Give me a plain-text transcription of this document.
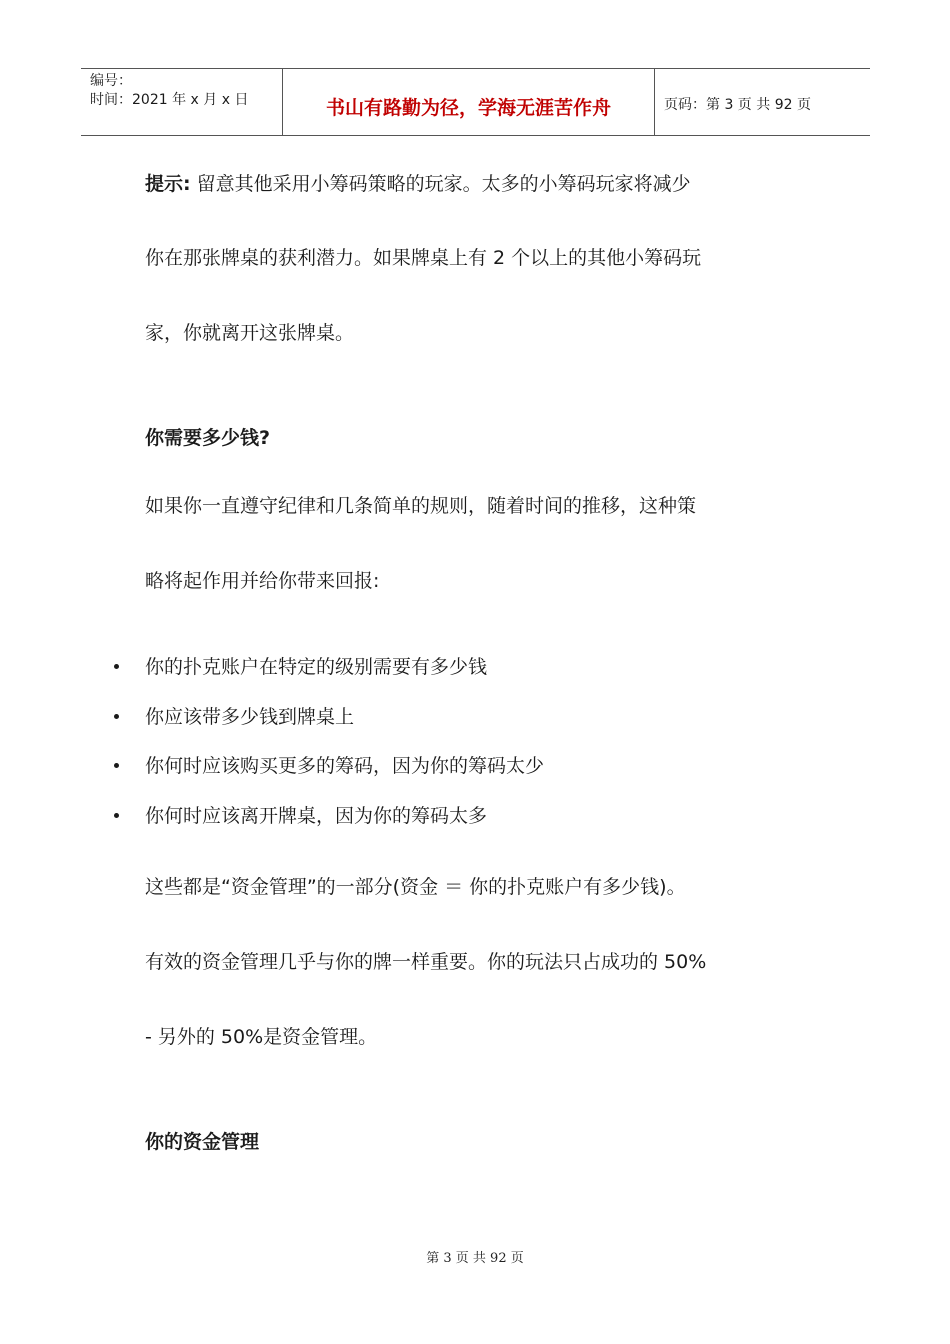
编号：
时间：2021 年 x 月 x 日	书山有路勤为径，学海无涯苦作舟	页码：第 3 页 共 92 页
提示: 留意其他采用小筹码策略的玩家。太多的小筹码玩家将减少
你在那张牌桌的获利潜力。如果牌桌上有 2 个以上的其他小筹码玩
家，你就离开这张牌桌。
你需要多少钱?
如果你一直遵守纪律和几条简单的规则，随着时间的推移，这种策
略将起作用并给你带来回报:
你的扑克账户在特定的级别需要有多少钱
你应该带多少钱到牌桌上
你何时应该购买更多的筹码，因为你的筹码太少
你何时应该离开牌桌，因为你的筹码太多
这些都是“资金管理”的一部分(资金 ＝ 你的扑克账户有多少钱)。
有效的资金管理几乎与你的牌一样重要。你的玩法只占成功的 50%
- 另外的 50%是资金管理。
你的资金管理
第 3 页 共 92 页
